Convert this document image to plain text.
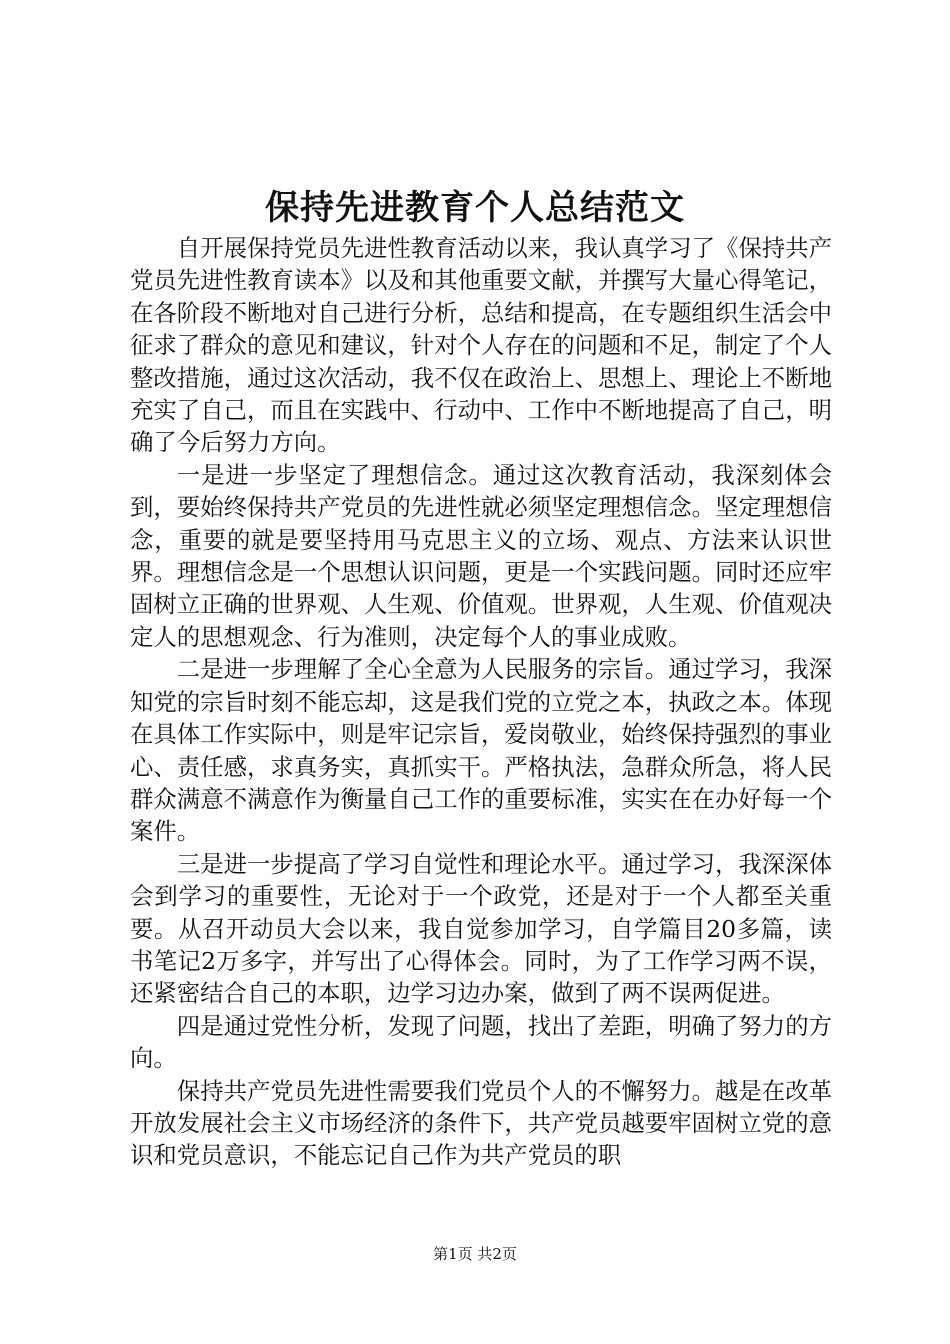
保持先进教育个人总结范文

自开展保持党员先进性教育活动以来，我认真学习了《保持共产党员先进性教育读本》以及和其他重要文献，并撰写大量心得笔记，在各阶段不断地对自己进行分析，总结和提高，在专题组织生活会中征求了群众的意见和建议，针对个人存在的问题和不足，制定了个人整改措施，通过这次活动，我不仅在政治上、思想上、理论上不断地充实了自己，而且在实践中、行动中、工作中不断地提高了自己，明确了今后努力方向。

一是进一步坚定了理想信念。通过这次教育活动，我深刻体会到，要始终保持共产党员的先进性就必须坚定理想信念。坚定理想信念，重要的就是要坚持用马克思主义的立场、观点、方法来认识世界。理想信念是一个思想认识问题，更是一个实践问题。同时还应牢固树立正确的世界观、人生观、价值观。世界观，人生观、价值观决定人的思想观念、行为准则，决定每个人的事业成败。

二是进一步理解了全心全意为人民服务的宗旨。通过学习，我深知党的宗旨时刻不能忘却，这是我们党的立党之本，执政之本。体现在具体工作实际中，则是牢记宗旨，爱岗敬业，始终保持强烈的事业心、责任感，求真务实，真抓实干。严格执法，急群众所急，将人民群众满意不满意作为衡量自己工作的重要标准，实实在在办好每一个案件。

三是进一步提高了学习自觉性和理论水平。通过学习，我深深体会到学习的重要性，无论对于一个政党，还是对于一个人都至关重要。从召开动员大会以来，我自觉参加学习，自学篇目20多篇，读书笔记2万多字，并写出了心得体会。同时，为了工作学习两不误，还紧密结合自己的本职，边学习边办案，做到了两不误两促进。

四是通过党性分析，发现了问题，找出了差距，明确了努力的方向。

保持共产党员先进性需要我们党员个人的不懈努力。越是在改革开放发展社会主义市场经济的条件下，共产党员越要牢固树立党的意识和党员意识，不能忘记自己作为共产党员的职

第1页 共2页
